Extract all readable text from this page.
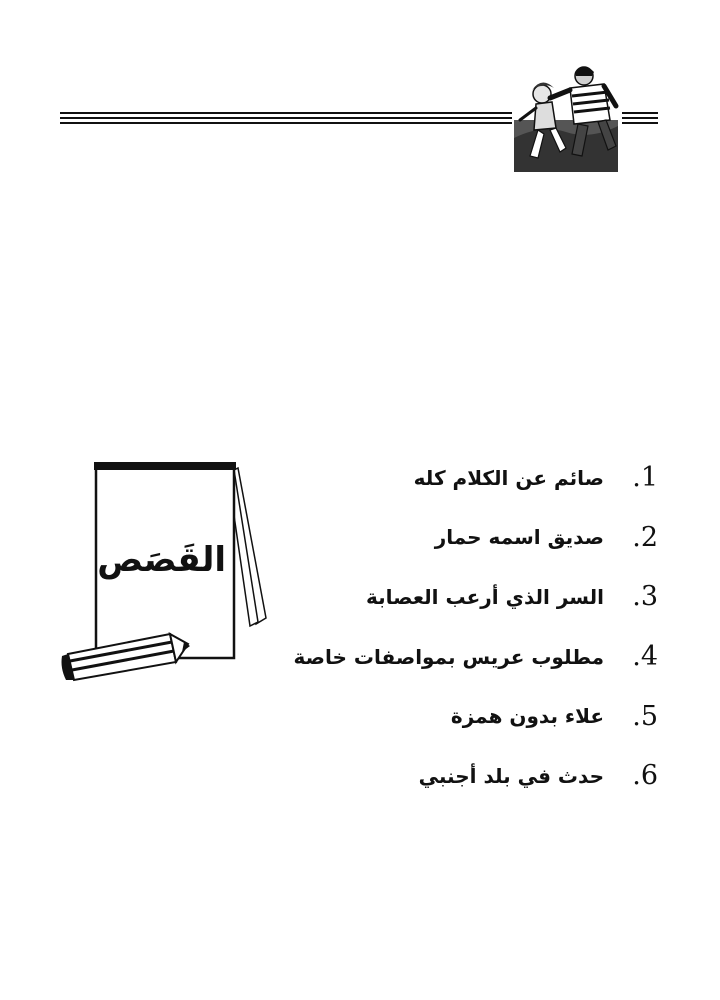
القَصَص
صائم عن الكلام كله	.1
صديق اسمه حمار	.2
السر الذي أرعب العصابة	.3
مطلوب عريس بمواصفات خاصة	.4
علاء بدون همزة	.5
حدث في بلد أجنبي	.6
